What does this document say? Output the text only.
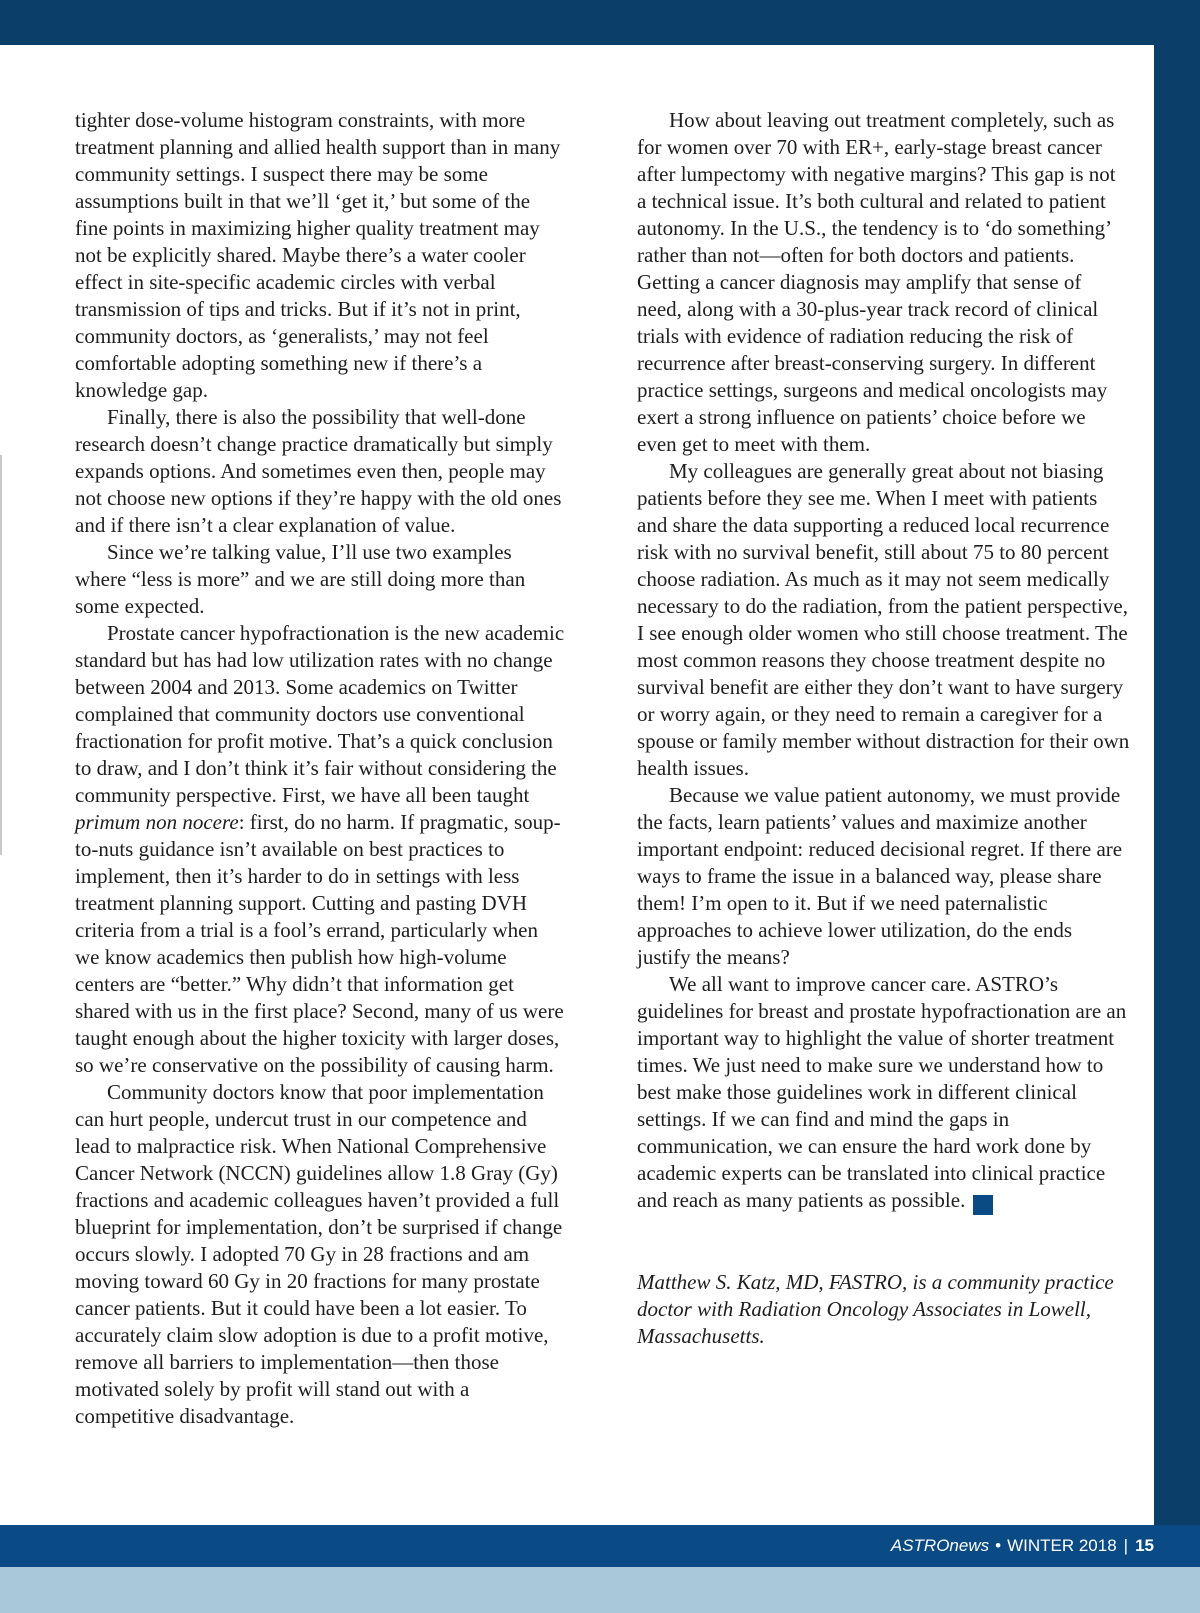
tighter dose-volume histogram constraints, with more treatment planning and allied health support than in many community settings. I suspect there may be some assumptions built in that we’ll ‘get it,’ but some of the fine points in maximizing higher quality treatment may not be explicitly shared. Maybe there’s a water cooler effect in site-specific academic circles with verbal transmission of tips and tricks. But if it’s not in print, community doctors, as ‘generalists,’ may not feel comfortable adopting something new if there’s a knowledge gap.

Finally, there is also the possibility that well-done research doesn’t change practice dramatically but simply expands options. And sometimes even then, people may not choose new options if they’re happy with the old ones and if there isn’t a clear explanation of value.

Since we’re talking value, I’ll use two examples where “less is more” and we are still doing more than some expected.

Prostate cancer hypofractionation is the new academic standard but has had low utilization rates with no change between 2004 and 2013. Some academics on Twitter complained that community doctors use conventional fractionation for profit motive. That’s a quick conclusion to draw, and I don’t think it’s fair without considering the community perspective. First, we have all been taught primum non nocere: first, do no harm. If pragmatic, soup-to-nuts guidance isn’t available on best practices to implement, then it’s harder to do in settings with less treatment planning support. Cutting and pasting DVH criteria from a trial is a fool’s errand, particularly when we know academics then publish how high-volume centers are “better.” Why didn’t that information get shared with us in the first place? Second, many of us were taught enough about the higher toxicity with larger doses, so we’re conservative on the possibility of causing harm.

Community doctors know that poor implementation can hurt people, undercut trust in our competence and lead to malpractice risk. When National Comprehensive Cancer Network (NCCN) guidelines allow 1.8 Gray (Gy) fractions and academic colleagues haven’t provided a full blueprint for implementation, don’t be surprised if change occurs slowly. I adopted 70 Gy in 28 fractions and am moving toward 60 Gy in 20 fractions for many prostate cancer patients. But it could have been a lot easier. To accurately claim slow adoption is due to a profit motive, remove all barriers to implementation—then those motivated solely by profit will stand out with a competitive disadvantage.

How about leaving out treatment completely, such as for women over 70 with ER+, early-stage breast cancer after lumpectomy with negative margins? This gap is not a technical issue. It’s both cultural and related to patient autonomy. In the U.S., the tendency is to ‘do something’ rather than not—often for both doctors and patients. Getting a cancer diagnosis may amplify that sense of need, along with a 30-plus-year track record of clinical trials with evidence of radiation reducing the risk of recurrence after breast-conserving surgery. In different practice settings, surgeons and medical oncologists may exert a strong influence on patients’ choice before we even get to meet with them.

My colleagues are generally great about not biasing patients before they see me. When I meet with patients and share the data supporting a reduced local recurrence risk with no survival benefit, still about 75 to 80 percent choose radiation. As much as it may not seem medically necessary to do the radiation, from the patient perspective, I see enough older women who still choose treatment. The most common reasons they choose treatment despite no survival benefit are either they don’t want to have surgery or worry again, or they need to remain a caregiver for a spouse or family member without distraction for their own health issues.

Because we value patient autonomy, we must provide the facts, learn patients’ values and maximize another important endpoint: reduced decisional regret. If there are ways to frame the issue in a balanced way, please share them! I’m open to it. But if we need paternalistic approaches to achieve lower utilization, do the ends justify the means?

We all want to improve cancer care. ASTRO’s guidelines for breast and prostate hypofractionation are an important way to highlight the value of shorter treatment times. We just need to make sure we understand how to best make those guidelines work in different clinical settings. If we can find and mind the gaps in communication, we can ensure the hard work done by academic experts can be translated into clinical practice and reach as many patients as possible.	A

Matthew S. Katz, MD, FASTRO, is a community practice doctor with Radiation Oncology Associates in Lowell, Massachusetts.

ASTROnews • WINTER 2018 | 15
